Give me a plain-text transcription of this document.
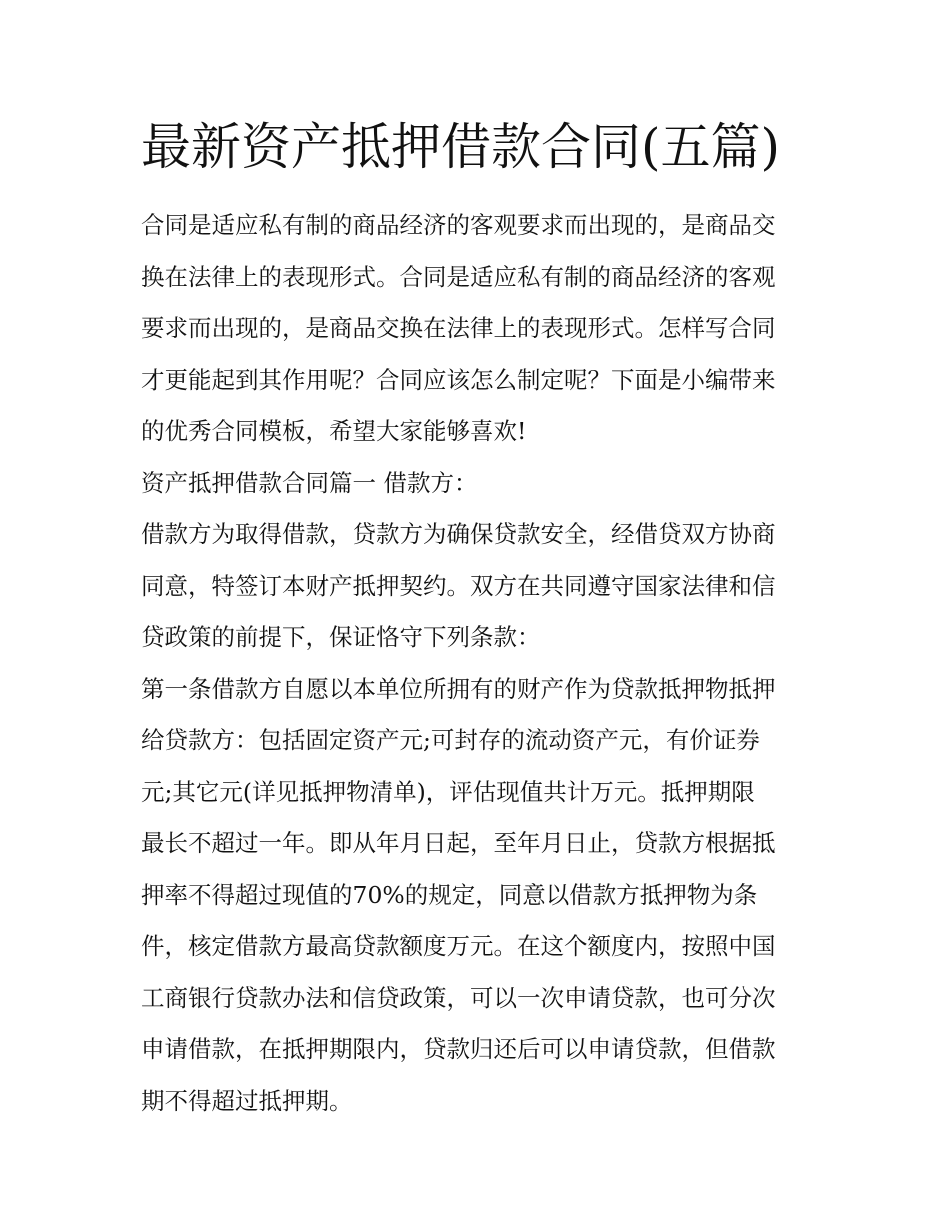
最新资产抵押借款合同(五篇)
合同是适应私有制的商品经济的客观要求而出现的，是商品交
换在法律上的表现形式。合同是适应私有制的商品经济的客观
要求而出现的，是商品交换在法律上的表现形式。怎样写合同
才更能起到其作用呢？合同应该怎么制定呢？下面是小编带来
的优秀合同模板，希望大家能够喜欢!
资产抵押借款合同篇一 借款方：
借款方为取得借款，贷款方为确保贷款安全，经借贷双方协商
同意，特签订本财产抵押契约。双方在共同遵守国家法律和信
贷政策的前提下，保证恪守下列条款：
第一条借款方自愿以本单位所拥有的财产作为贷款抵押物抵押
给贷款方：包括固定资产元;可封存的流动资产元，有价证券
元;其它元(详见抵押物清单)，评估现值共计万元。抵押期限
最长不超过一年。即从年月日起，至年月日止，贷款方根据抵
押率不得超过现值的70%的规定，同意以借款方抵押物为条
件，核定借款方最高贷款额度万元。在这个额度内，按照中国
工商银行贷款办法和信贷政策，可以一次申请贷款，也可分次
申请借款，在抵押期限内，贷款归还后可以申请贷款，但借款
期不得超过抵押期。
